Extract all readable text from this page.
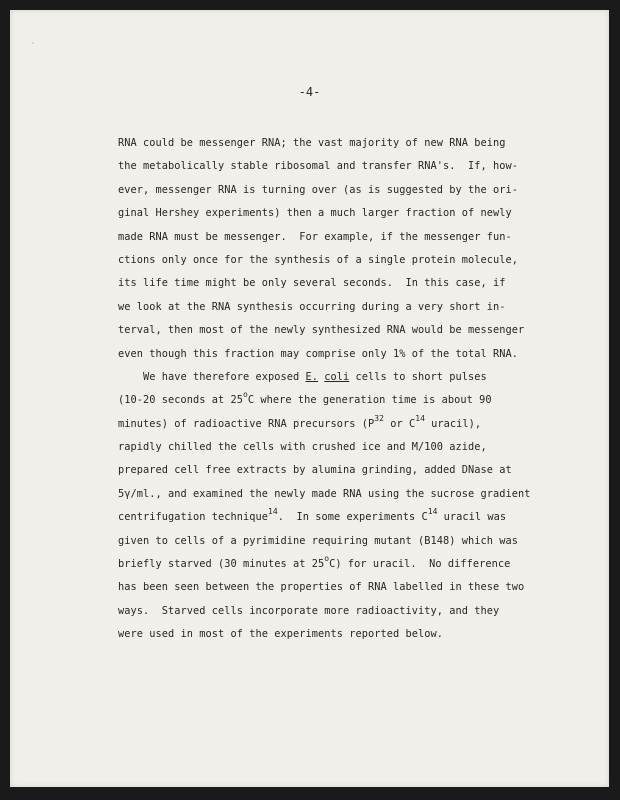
-4-
RNA could be messenger RNA; the vast majority of new RNA being
the metabolically stable ribosomal and transfer RNA's.  If, how-
ever, messenger RNA is turning over (as is suggested by the ori-
ginal Hershey experiments) then a much larger fraction of newly
made RNA must be messenger.  For example, if the messenger fun-
ctions only once for the synthesis of a single protein molecule,
its life time might be only several seconds.  In this case, if
we look at the RNA synthesis occurring during a very short in-
terval, then most of the newly synthesized RNA would be messenger
even though this fraction may comprise only 1% of the total RNA.
We have therefore exposed E. coli cells to short pulses
(10-20 seconds at 25$^o$C where the generation time is about 90
minutes) of radioactive RNA precursors ($P^{32}$ or $C^{14}$ uracil),
rapidly chilled the cells with crushed ice and M/100 azide,
prepared cell free extracts by alumina grinding, added DNase at
5γ/ml., and examined the newly made RNA using the sucrose gradient
centrifugation technique$^{14}$.  In some experiments $C^{14}$ uracil was
given to cells of a pyrimidine requiring mutant (B148) which was
briefly starved (30 minutes at 25$^o$C) for uracil.  No difference
has been seen between the properties of RNA labelled in these two
ways.  Starved cells incorporate more radioactivity, and they
were used in most of the experiments reported below.
